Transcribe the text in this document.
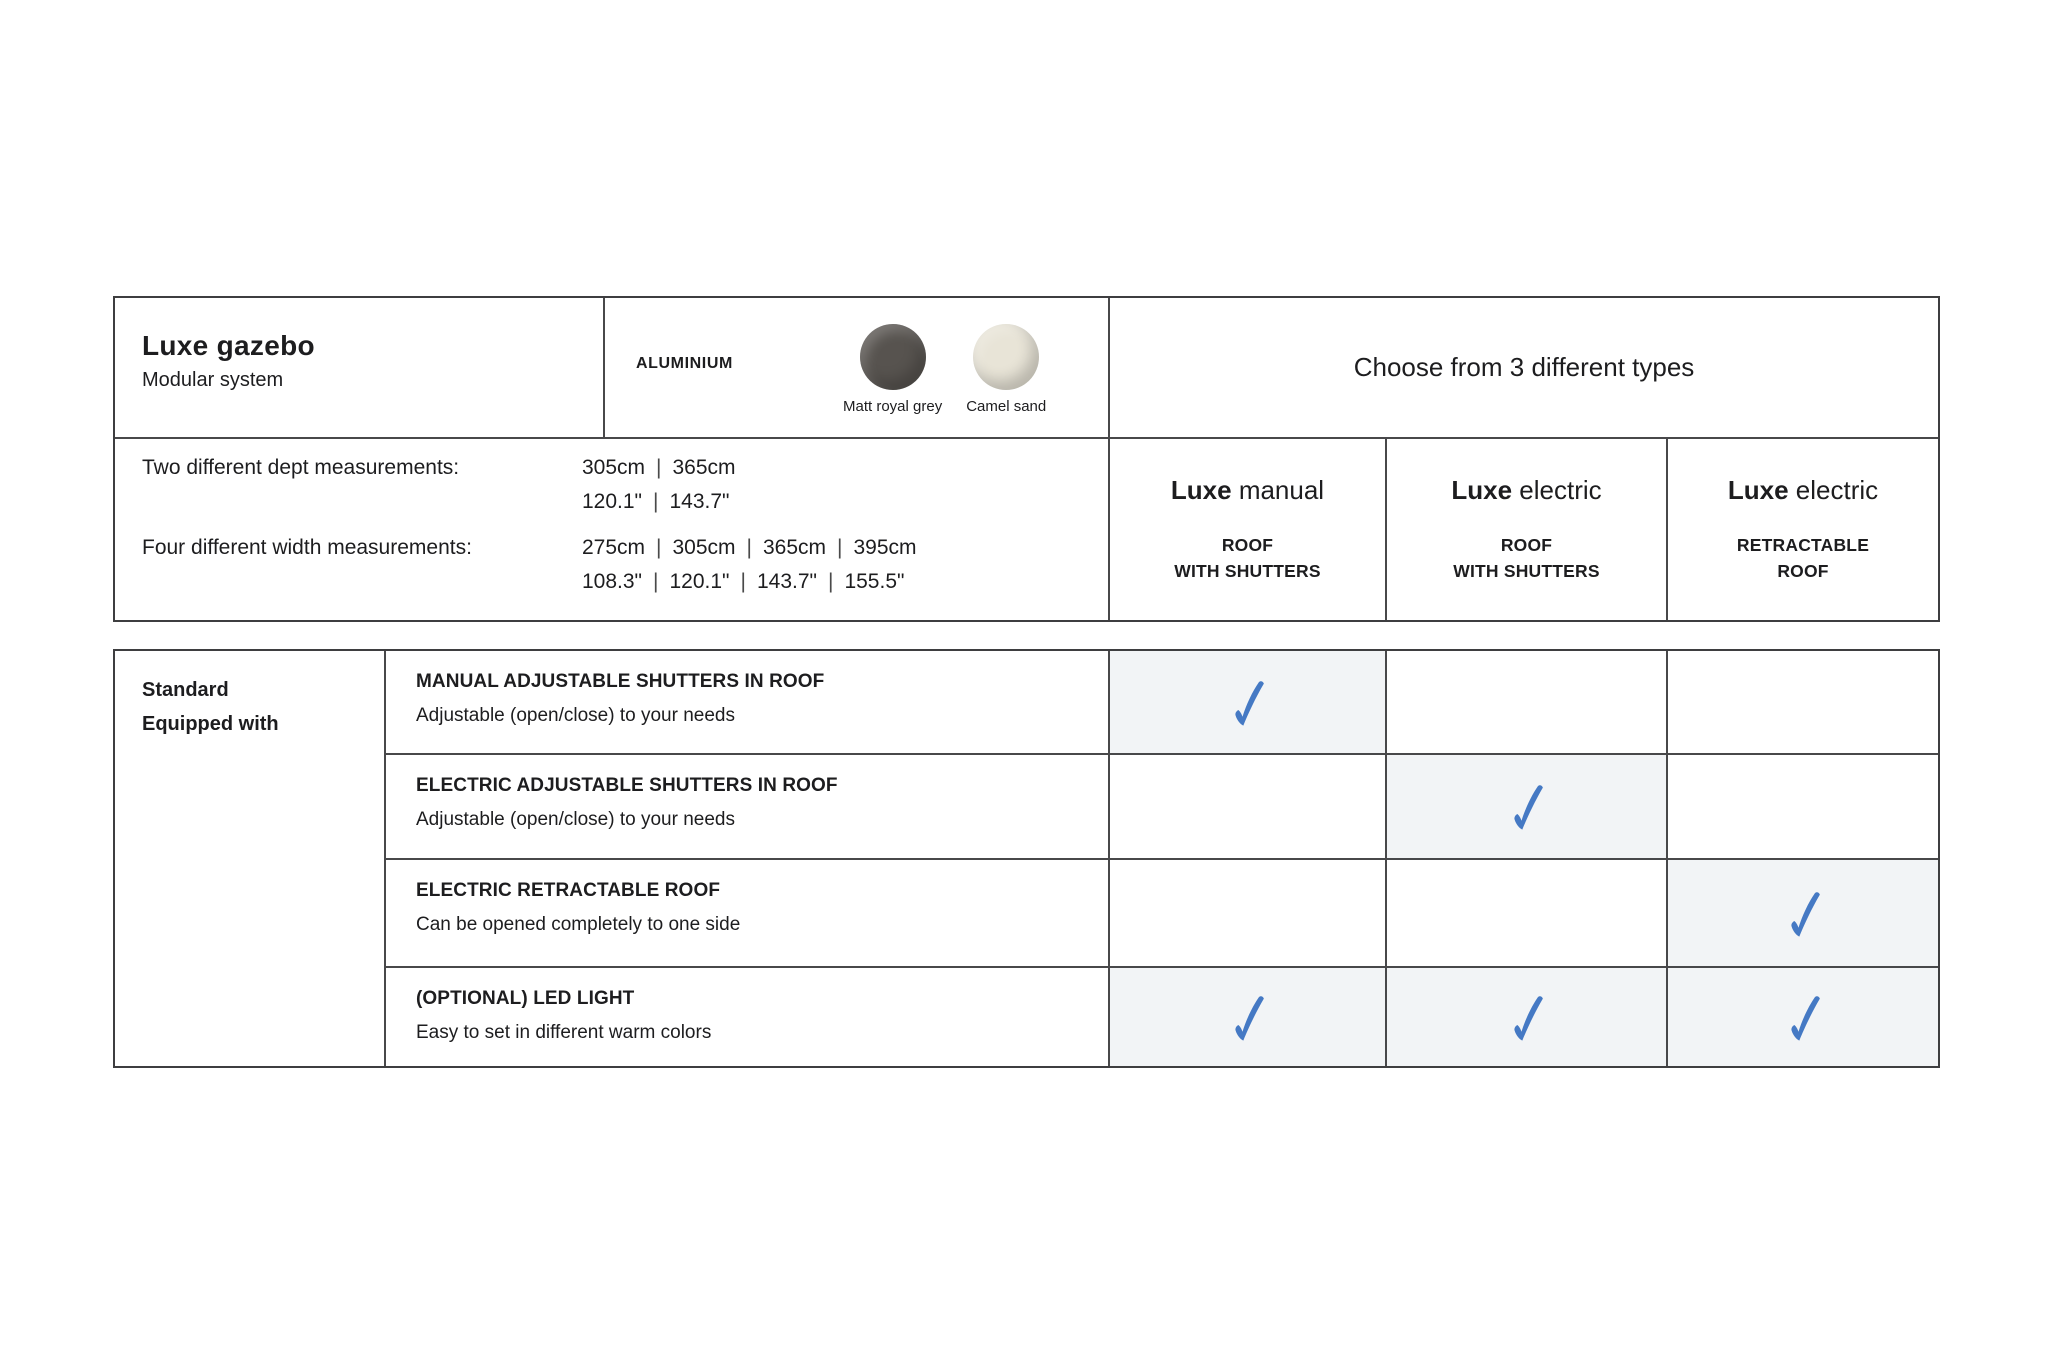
Luxe gazebo
Modular system
ALUMINIUM
Matt royal grey Camel sand
Choose from 3 different types
Two different dept measurements:	305cm | 365cm
120.1" | 143.7"
Four different width measurements:	275cm | 305cm | 365cm | 395cm
108.3" | 120.1" | 143.7" | 155.5"
Luxe manual
ROOF
WITH SHUTTERS
Luxe electric
ROOF
WITH SHUTTERS
Luxe electric
RETRACTABLE
ROOF
Standard
Equipped with
MANUAL ADJUSTABLE SHUTTERS IN ROOF
Adjustable (open/close) to your needs
ELECTRIC ADJUSTABLE SHUTTERS IN ROOF
Adjustable (open/close) to your needs
ELECTRIC RETRACTABLE ROOF
Can be opened completely to one side
(OPTIONAL) LED LIGHT
Easy to set in different warm colors
